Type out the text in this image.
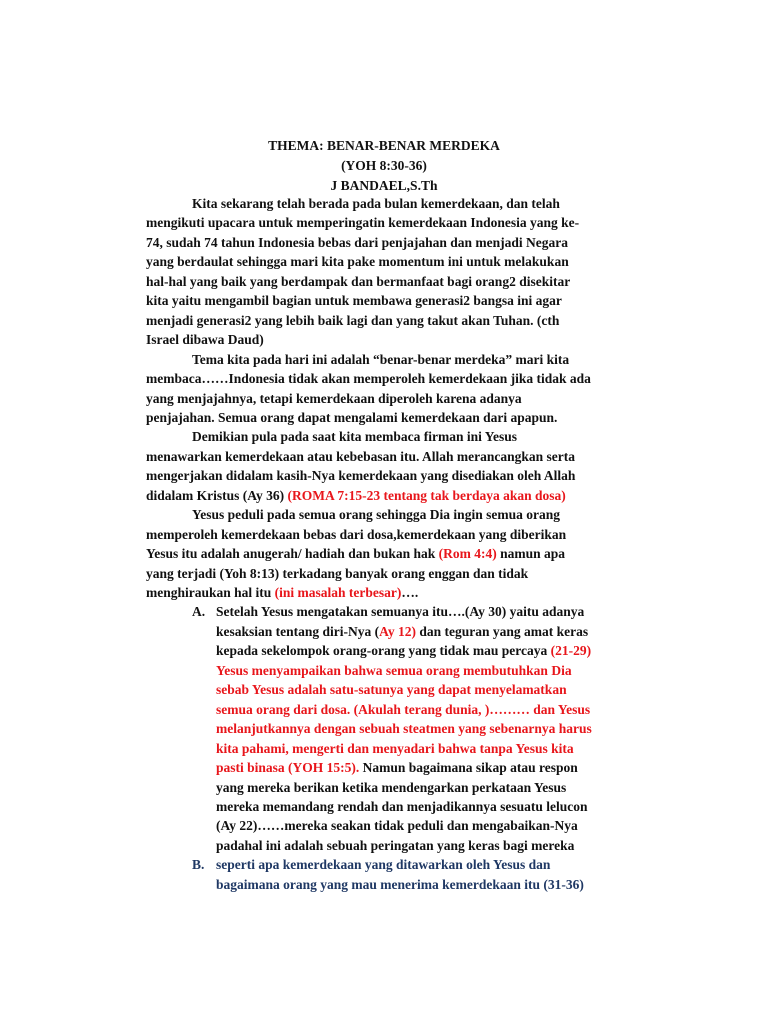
THEMA: BENAR-BENAR MERDEKA
(YOH 8:30-36)
J BANDAEL,S.Th
Kita sekarang telah berada pada bulan kemerdekaan, dan telah
mengikuti upacara untuk memperingatin kemerdekaan Indonesia yang ke-
74, sudah 74 tahun Indonesia bebas dari penjajahan dan menjadi Negara
yang berdaulat sehingga mari kita pake momentum ini untuk melakukan
hal-hal yang baik yang berdampak dan bermanfaat bagi orang2 disekitar
kita yaitu mengambil bagian untuk membawa generasi2 bangsa ini agar
menjadi generasi2 yang lebih baik lagi dan yang takut akan Tuhan. (cth
Israel dibawa Daud)
Tema kita pada hari ini adalah “benar-benar merdeka” mari kita
membaca……Indonesia tidak akan memperoleh kemerdekaan jika tidak ada
yang menjajahnya, tetapi kemerdekaan diperoleh karena adanya
penjajahan. Semua orang dapat mengalami kemerdekaan dari apapun.
Demikian pula pada saat kita membaca firman ini Yesus
menawarkan kemerdekaan atau kebebasan itu. Allah merancangkan serta
mengerjakan didalam kasih-Nya kemerdekaan yang disediakan oleh Allah
didalam Kristus (Ay 36) (ROMA 7:15-23 tentang tak berdaya akan dosa)
Yesus peduli pada semua orang sehingga Dia ingin semua orang
memperoleh kemerdekaan bebas dari dosa,kemerdekaan yang diberikan
Yesus itu adalah anugerah/ hadiah dan bukan hak (Rom 4:4) namun apa
yang terjadi (Yoh 8:13) terkadang banyak orang enggan dan tidak
menghiraukan hal itu (ini masalah terbesar)….
A. Setelah Yesus mengatakan semuanya itu….(Ay 30) yaitu adanya
kesaksian tentang diri-Nya (Ay 12) dan teguran yang amat keras
kepada sekelompok orang-orang yang tidak mau percaya (21-29)
Yesus menyampaikan bahwa semua orang membutuhkan Dia
sebab Yesus adalah satu-satunya yang dapat menyelamatkan
semua orang dari dosa. (Akulah terang dunia, )……… dan Yesus
melanjutkannya dengan sebuah steatmen yang sebenarnya harus
kita pahami, mengerti dan menyadari bahwa tanpa Yesus kita
pasti binasa (YOH 15:5). Namun bagaimana sikap atau respon
yang mereka berikan ketika mendengarkan perkataan Yesus
mereka memandang rendah dan menjadikannya sesuatu lelucon
(Ay 22)……mereka seakan tidak peduli dan mengabaikan-Nya
padahal ini adalah sebuah peringatan yang keras bagi mereka
B. seperti apa kemerdekaan yang ditawarkan oleh Yesus dan
bagaimana orang yang mau menerima kemerdekaan itu (31-36)
